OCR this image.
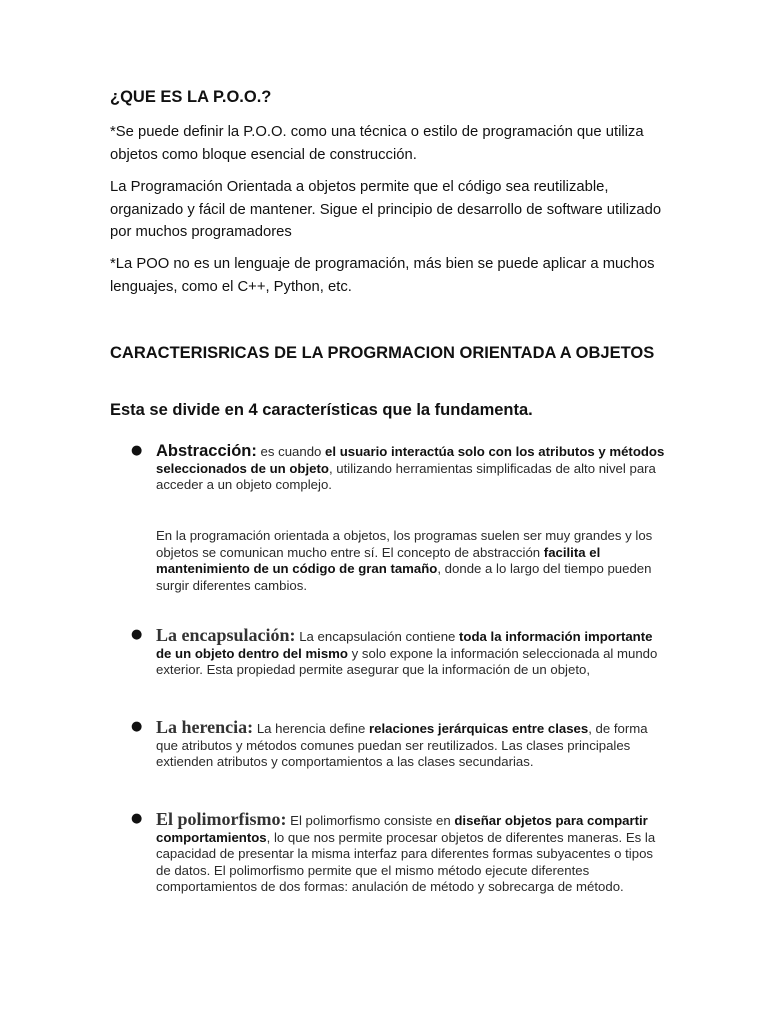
¿QUE ES LA P.O.O.?
*Se puede definir la P.O.O. como una técnica o estilo de programación que utiliza objetos como bloque esencial de construcción.
La Programación Orientada a objetos permite que el código sea reutilizable, organizado y fácil de mantener. Sigue el principio de desarrollo de software utilizado por muchos programadores
*La POO no es un lenguaje de programación, más bien se puede aplicar a muchos lenguajes, como el C++, Python, etc.
CARACTERISRICAS DE LA PROGRMACION ORIENTADA A OBJETOS
Esta se divide en 4 características que la fundamenta.
● Abstracción: es cuando el usuario interactúa solo con los atributos y métodos seleccionados de un objeto, utilizando herramientas simplificadas de alto nivel para acceder a un objeto complejo.
En la programación orientada a objetos, los programas suelen ser muy grandes y los objetos se comunican mucho entre sí. El concepto de abstracción facilita el mantenimiento de un código de gran tamaño, donde a lo largo del tiempo pueden surgir diferentes cambios.
● La encapsulación: La encapsulación contiene toda la información importante de un objeto dentro del mismo y solo expone la información seleccionada al mundo exterior. Esta propiedad permite asegurar que la información de un objeto,
● La herencia: La herencia define relaciones jerárquicas entre clases, de forma que atributos y métodos comunes puedan ser reutilizados. Las clases principales extienden atributos y comportamientos a las clases secundarias.
● El polimorfismo: El polimorfismo consiste en diseñar objetos para compartir comportamientos, lo que nos permite procesar objetos de diferentes maneras. Es la capacidad de presentar la misma interfaz para diferentes formas subyacentes o tipos de datos. El polimorfismo permite que el mismo método ejecute diferentes comportamientos de dos formas: anulación de método y sobrecarga de método.
